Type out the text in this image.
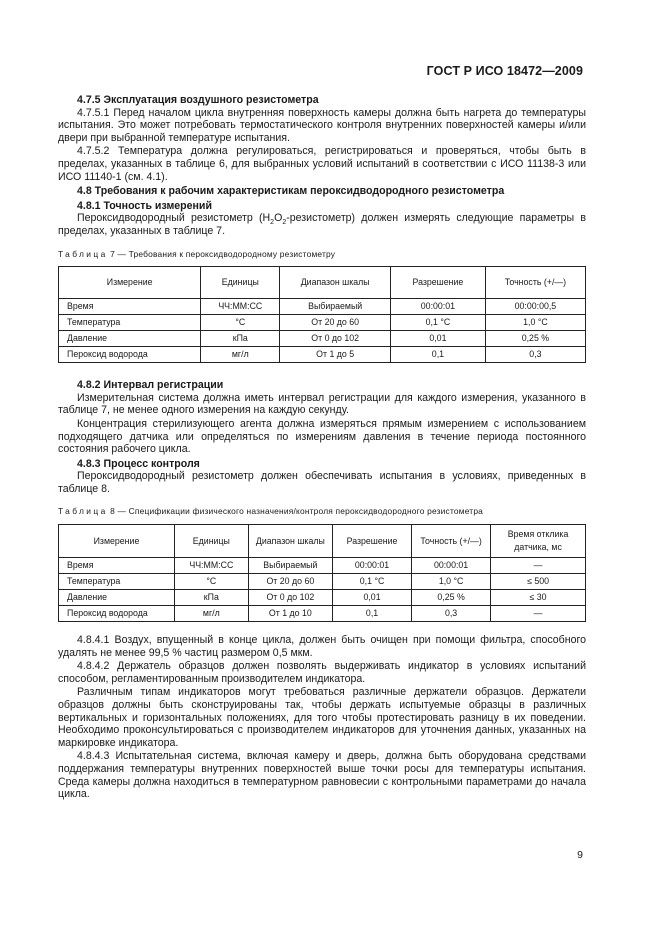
ГОСТ Р ИСО 18472—2009
4.7.5 Эксплуатация воздушного резистометра

4.7.5.1 Перед началом цикла внутренняя поверхность камеры должна быть нагрета до температуры испытания. Это может потребовать термостатического контроля внутренних поверхностей камеры и/или двери при выбранной температуре испытания.

4.7.5.2 Температура должна регулироваться, регистрироваться и проверяться, чтобы быть в пределах, указанных в таблице 6, для выбранных условий испытаний в соответствии с ИСО 11138-3 или ИСО 11140-1 (см. 4.1).

4.8 Требования к рабочим характеристикам пероксидводородного резистометра
4.8.1 Точность измерений

Пероксидводородный резистометр $(H_2O_2-резистометр)$ должен измерять следующие параметры в пределах, указанных в таблице 7.

Таблица 7 — Требования к пероксидводородному резистометру
Измерение	Единицы	Диапазон шкалы	Разрешение	Точность (+/—)
Время	ЧЧ:ММ:СС	Выбираемый	00:00:01	00:00:00,5
Температура	°C	От 20 до 60	0,1 °C	1,0 °C
Давление	кПа	От 0 до 102	0,01	0,25 %
Пероксид водорода	мг/л	От 1 до 5	0,1	0,3
4.8.2 Интервал регистрации

Измерительная система должна иметь интервал регистрации для каждого измерения, указанного в таблице 7, не менее одного измерения на каждую секунду.

Концентрация стерилизующего агента должна измеряться прямым измерением с использованием подходящего датчика или определяться по измерениям давления в течение периода постоянного состояния рабочего цикла.

4.8.3 Процесс контроля

Пероксидводородный резистометр должен обеспечивать испытания в условиях, приведенных в таблице 8.

Таблица 8 — Спецификации физического назначения/контроля пероксидводородного резистометра
Измерение	Единицы	Диапазон шкалы	Разрешение	Точность (+/—)	Время отклика датчика, мс
Время	ЧЧ:ММ:СС	Выбираемый	00:00:01	00:00:01	—
Температура	°C	От 20 до 60	0,1 °C	1,0 °C	≤ 500
Давление	кПа	От 0 до 102	0,01	0,25 %	≤ 30
Пероксид водорода	мг/л	От 1 до 10	0,1	0,3	—

4.8.4.1 Воздух, впущенный в конце цикла, должен быть очищен при помощи фильтра, способного удалять не менее 99,5 % частиц размером 0,5 мкм.

4.8.4.2 Держатель образцов должен позволять выдерживать индикатор в условиях испытаний способом, регламентированным производителем индикатора.

Различным типам индикаторов могут требоваться различные держатели образцов. Держатели образцов должны быть сконструированы так, чтобы держать испытуемые образцы в различных вертикальных и горизонтальных положениях, для того чтобы протестировать разницу в их поведении. Необходимо проконсультироваться с производителем индикаторов для уточнения данных, указанных на маркировке индикатора.

4.8.4.3 Испытательная система, включая камеру и дверь, должна быть оборудована средствами поддержания температуры внутренних поверхностей выше точки росы для температуры испытания. Среда камеры должна находиться в температурном равновесии с контрольными параметрами до начала цикла.

9
